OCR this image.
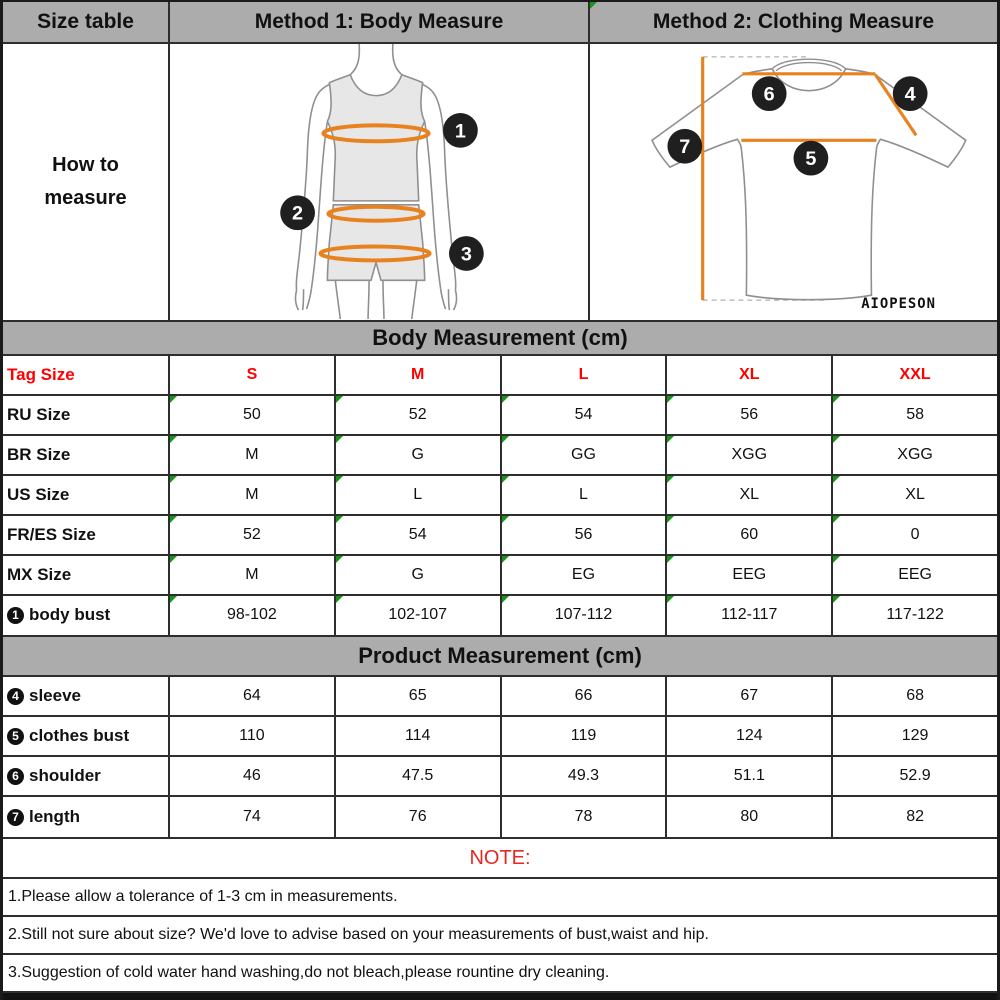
Size table	Method 1: Body Measure	Method 2: Clothing Measure
How to
measure
1
2
3
6	4
5
7
AIOPESON
Body Measurement (cm)
Tag Size	S	M	L	XL	XXL
RU Size	50	52	54	56	58
BR Size	M	G	GG	XGG	XGG
US Size	M	L	L	XL	XL
FR/ES Size	52	54	56	60	0
MX Size	M	G	EG	EEG	EEG
1 body bust	98-102	102-107	107-112	112-117	117-122
Product Measurement (cm)
4 sleeve	64	65	66	67	68
5 clothes bust	110	114	119	124	129
6 shoulder	46	47.5	49.3	51.1	52.9
7 length	74	76	78	80	82
NOTE:
1.Please allow a tolerance of 1-3 cm in measurements.
2.Still not sure about size? We'd love to advise based on your measurements of bust,waist and hip.
3.Suggestion of cold water hand washing,do not bleach,please rountine dry cleaning.
